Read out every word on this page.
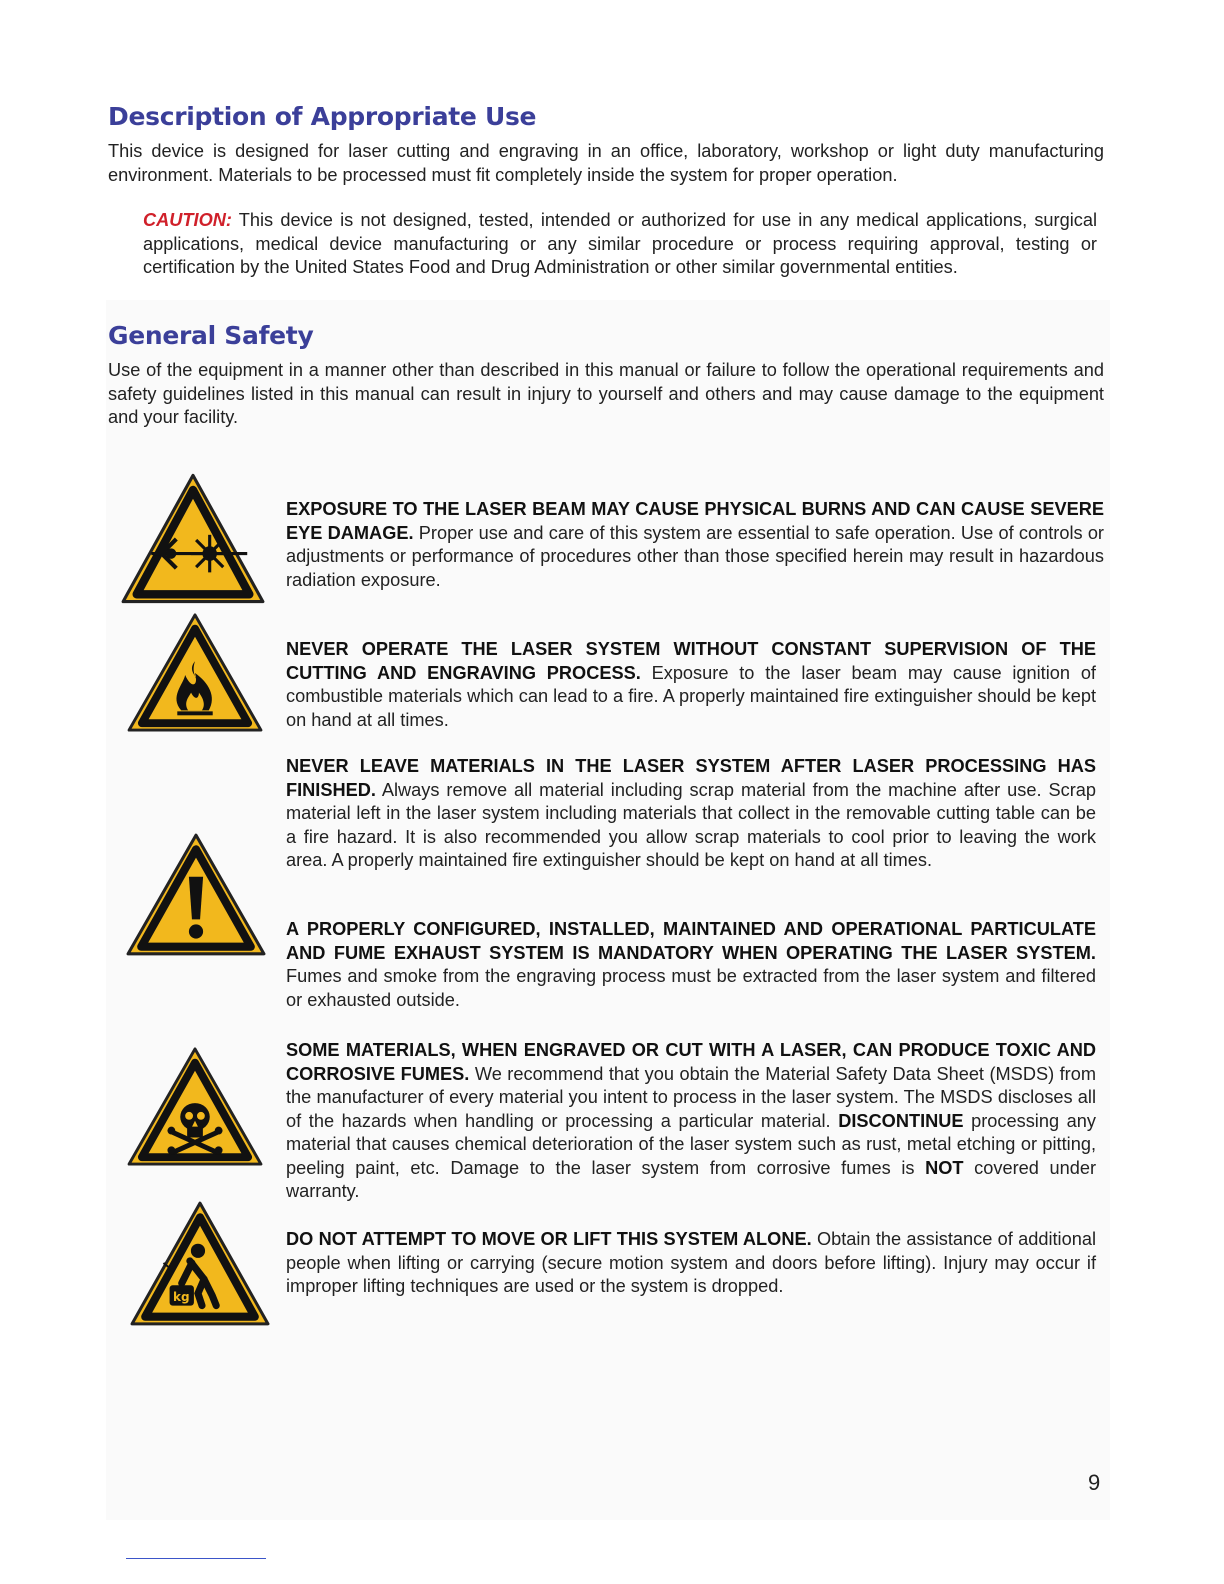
Description of Appropriate Use

This device is designed for laser cutting and engraving in an office, laboratory, workshop or light duty manufacturing environment. Materials to be processed must fit completely inside the system for proper operation.

CAUTION: This device is not designed, tested, intended or authorized for use in any medical applications, surgical applications, medical device manufacturing or any similar procedure or process requiring approval, testing or certification by the United States Food and Drug Administration or other similar governmental entities.

General Safety

Use of the equipment in a manner other than described in this manual or failure to follow the operational requirements and safety guidelines listed in this manual can result in injury to yourself and others and may cause damage to the equipment and your facility.

kg

EXPOSURE TO THE LASER BEAM MAY CAUSE PHYSICAL BURNS AND CAN CAUSE SEVERE EYE DAMAGE. Proper use and care of this system are essential to safe operation. Use of controls or adjustments or performance of procedures other than those specified herein may result in hazardous radiation exposure.

NEVER OPERATE THE LASER SYSTEM WITHOUT CONSTANT SUPERVISION OF THE CUTTING AND ENGRAVING PROCESS. Exposure to the laser beam may cause ignition of combustible materials which can lead to a fire. A properly maintained fire extinguisher should be kept on hand at all times.

NEVER LEAVE MATERIALS IN THE LASER SYSTEM AFTER LASER PROCESSING HAS FINISHED. Always remove all material including scrap material from the machine after use. Scrap material left in the laser system including materials that collect in the removable cutting table can be a fire hazard. It is also recommended you allow scrap materials to cool prior to leaving the work area. A properly maintained fire extinguisher should be kept on hand at all times.

A PROPERLY CONFIGURED, INSTALLED, MAINTAINED AND OPERATIONAL PARTICULATE AND FUME EXHAUST SYSTEM IS MANDATORY WHEN OPERATING THE LASER SYSTEM. Fumes and smoke from the engraving process must be extracted from the laser system and filtered or exhausted outside.

SOME MATERIALS, WHEN ENGRAVED OR CUT WITH A LASER, CAN PRODUCE TOXIC AND CORROSIVE FUMES. We recommend that you obtain the Material Safety Data Sheet (MSDS) from the manufacturer of every material you intent to process in the laser system. The MSDS discloses all of the hazards when handling or processing a particular material. DISCONTINUE processing any material that causes chemical deterioration of the laser system such as rust, metal etching or pitting, peeling paint, etc. Damage to the laser system from corrosive fumes is NOT covered under warranty.

DO NOT ATTEMPT TO MOVE OR LIFT THIS SYSTEM ALONE. Obtain the assistance of additional people when lifting or carrying (secure motion system and doors before lifting). Injury may occur if improper lifting techniques are used or the system is dropped.

9
